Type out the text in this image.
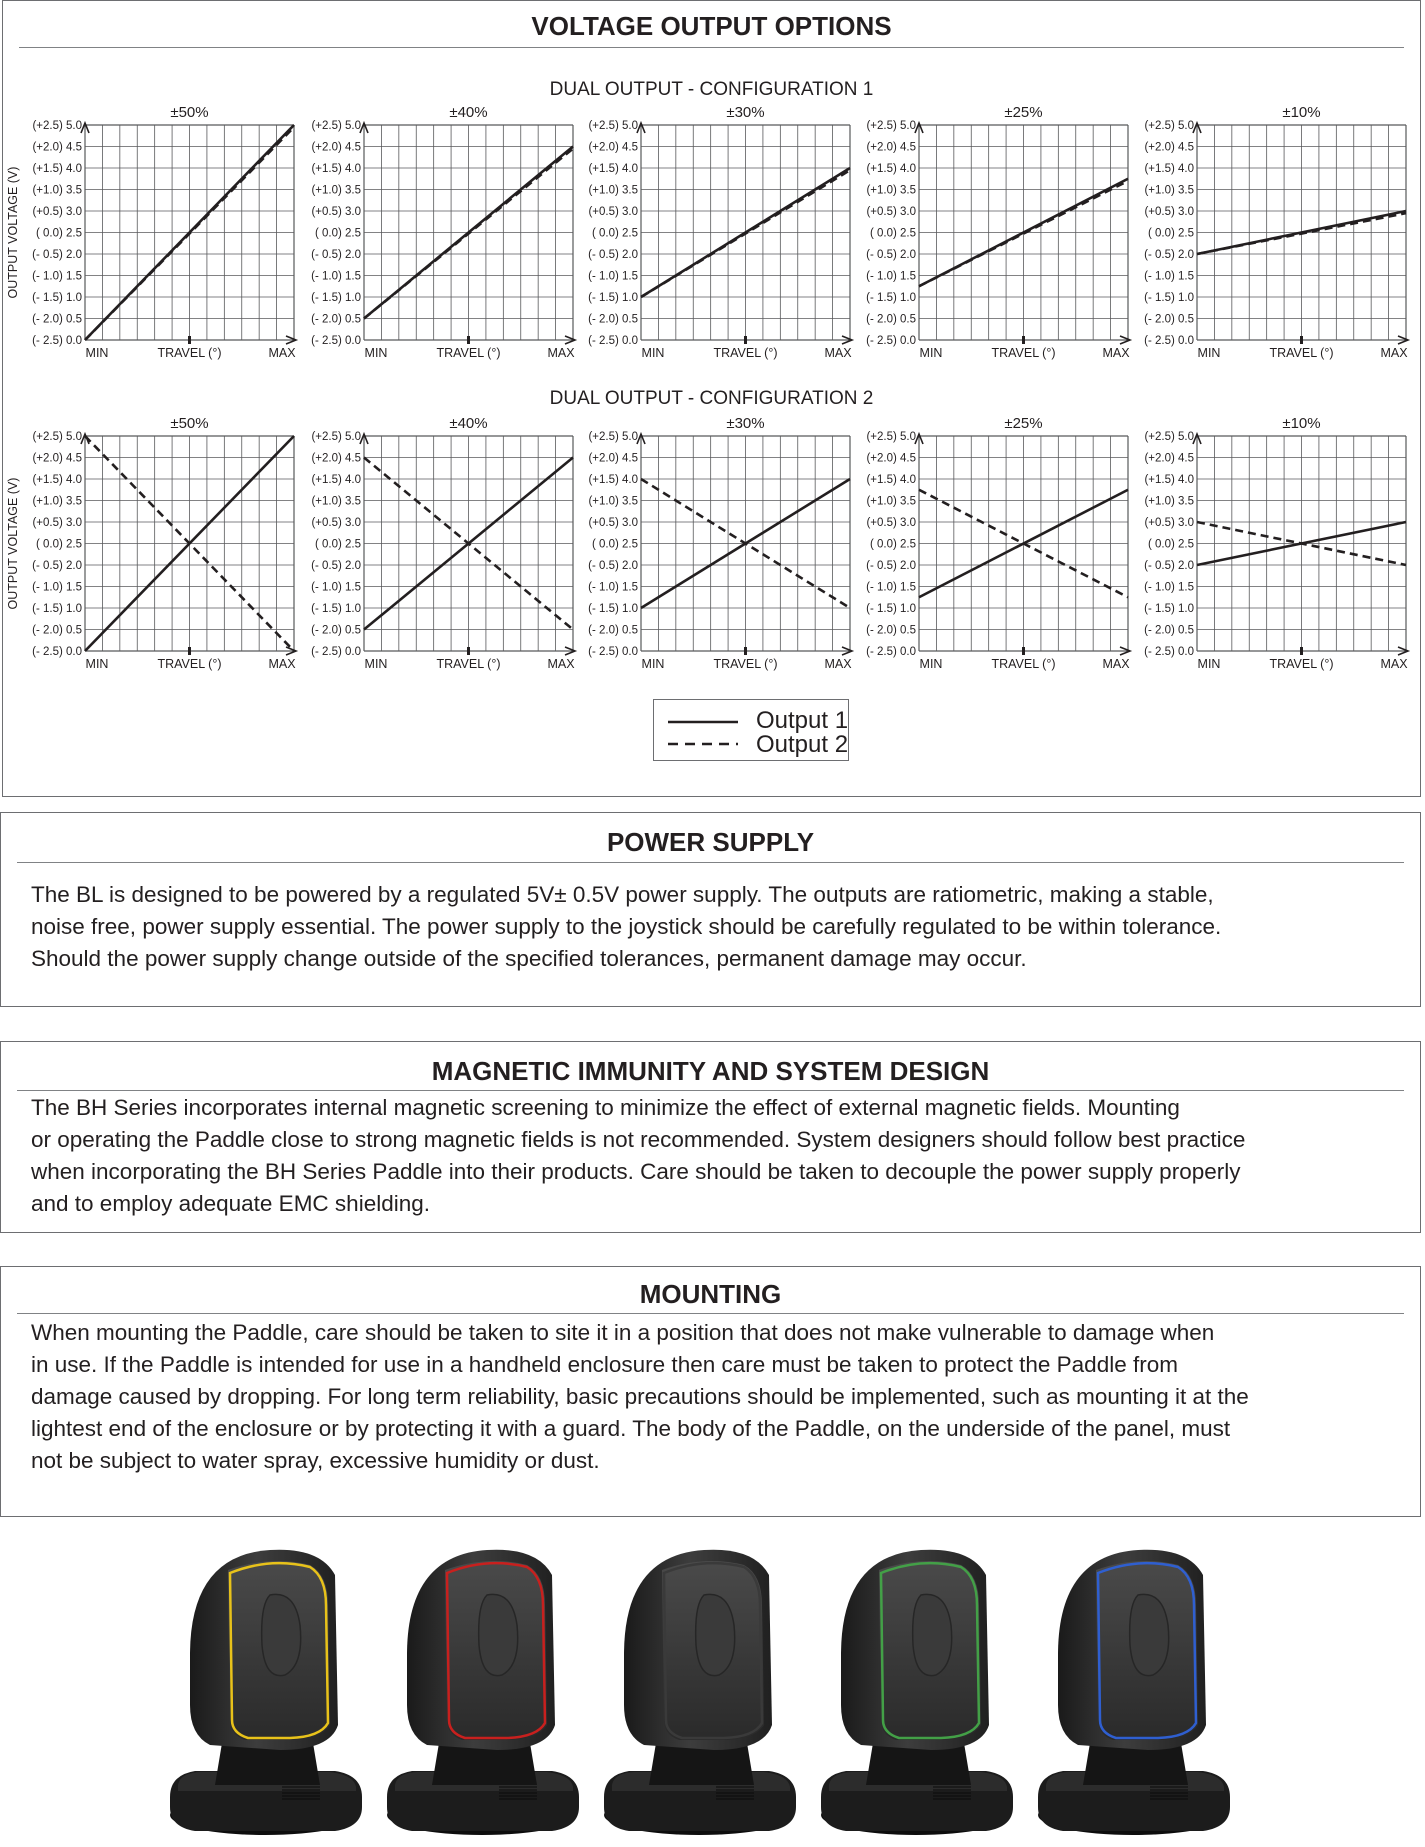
VOLTAGE OUTPUT OPTIONS
DUAL OUTPUT - CONFIGURATION 1
DUAL OUTPUT - CONFIGURATION 2
±50%
(- 2.5) 0.0
(- 2.0) 0.5
(- 1.5) 1.0
(- 1.0) 1.5
(- 0.5) 2.0
( 0.0) 2.5
(+0.5) 3.0
(+1.0) 3.5
(+1.5) 4.0
(+2.0) 4.5
(+2.5) 5.0
MIN	TRAVEL (°)	MAX
OUTPUT VOLTAGE (V)
±40%
(- 2.5) 0.0
(- 2.0) 0.5
(- 1.5) 1.0
(- 1.0) 1.5
(- 0.5) 2.0
( 0.0) 2.5
(+0.5) 3.0
(+1.0) 3.5
(+1.5) 4.0
(+2.0) 4.5
(+2.5) 5.0
MIN	TRAVEL (°)	MAX
±30%
(- 2.5) 0.0
(- 2.0) 0.5
(- 1.5) 1.0
(- 1.0) 1.5
(- 0.5) 2.0
( 0.0) 2.5
(+0.5) 3.0
(+1.0) 3.5
(+1.5) 4.0
(+2.0) 4.5
(+2.5) 5.0
MIN	TRAVEL (°)	MAX
±25%
(- 2.5) 0.0
(- 2.0) 0.5
(- 1.5) 1.0
(- 1.0) 1.5
(- 0.5) 2.0
( 0.0) 2.5
(+0.5) 3.0
(+1.0) 3.5
(+1.5) 4.0
(+2.0) 4.5
(+2.5) 5.0
MIN	TRAVEL (°)	MAX
±10%
(- 2.5) 0.0
(- 2.0) 0.5
(- 1.5) 1.0
(- 1.0) 1.5
(- 0.5) 2.0
( 0.0) 2.5
(+0.5) 3.0
(+1.0) 3.5
(+1.5) 4.0
(+2.0) 4.5
(+2.5) 5.0
MIN	TRAVEL (°)	MAX
±50%
(- 2.5) 0.0
(- 2.0) 0.5
(- 1.5) 1.0
(- 1.0) 1.5
(- 0.5) 2.0
( 0.0) 2.5
(+0.5) 3.0
(+1.0) 3.5
(+1.5) 4.0
(+2.0) 4.5
(+2.5) 5.0
MIN	TRAVEL (°)	MAX
OUTPUT VOLTAGE (V)
±40%
(- 2.5) 0.0
(- 2.0) 0.5
(- 1.5) 1.0
(- 1.0) 1.5
(- 0.5) 2.0
( 0.0) 2.5
(+0.5) 3.0
(+1.0) 3.5
(+1.5) 4.0
(+2.0) 4.5
(+2.5) 5.0
MIN	TRAVEL (°)	MAX
±30%
(- 2.5) 0.0
(- 2.0) 0.5
(- 1.5) 1.0
(- 1.0) 1.5
(- 0.5) 2.0
( 0.0) 2.5
(+0.5) 3.0
(+1.0) 3.5
(+1.5) 4.0
(+2.0) 4.5
(+2.5) 5.0
MIN	TRAVEL (°)	MAX
±25%
(- 2.5) 0.0
(- 2.0) 0.5
(- 1.5) 1.0
(- 1.0) 1.5
(- 0.5) 2.0
( 0.0) 2.5
(+0.5) 3.0
(+1.0) 3.5
(+1.5) 4.0
(+2.0) 4.5
(+2.5) 5.0
MIN	TRAVEL (°)	MAX
±10%
(- 2.5) 0.0
(- 2.0) 0.5
(- 1.5) 1.0
(- 1.0) 1.5
(- 0.5) 2.0
( 0.0) 2.5
(+0.5) 3.0
(+1.0) 3.5
(+1.5) 4.0
(+2.0) 4.5
(+2.5) 5.0
MIN	TRAVEL (°)	MAX
Output 1
Output 2
POWER SUPPLY
The BL is designed to be powered by a regulated 5V± 0.5V power supply. The outputs are ratiometric, making a stable,
noise free, power supply essential. The power supply to the joystick should be carefully regulated to be within tolerance.
Should the power supply change outside of the specified tolerances, permanent damage may occur.
MAGNETIC IMMUNITY AND SYSTEM DESIGN
The BH Series incorporates internal magnetic screening to minimize the effect of external magnetic fields. Mounting
or operating the Paddle close to strong magnetic fields is not recommended. System designers should follow best practice
when incorporating the BH Series Paddle into their products. Care should be taken to decouple the power supply properly
and to employ adequate EMC shielding.
MOUNTING
When mounting the Paddle, care should be taken to site it in a position that does not make vulnerable to damage when
in use. If the Paddle is intended for use in a handheld enclosure then care must be taken to protect the Paddle from
damage caused by dropping. For long term reliability, basic precautions should be implemented, such as mounting it at the
lightest end of the enclosure or by protecting it with a guard. The body of the Paddle, on the underside of the panel, must
not be subject to water spray, excessive humidity or dust.
